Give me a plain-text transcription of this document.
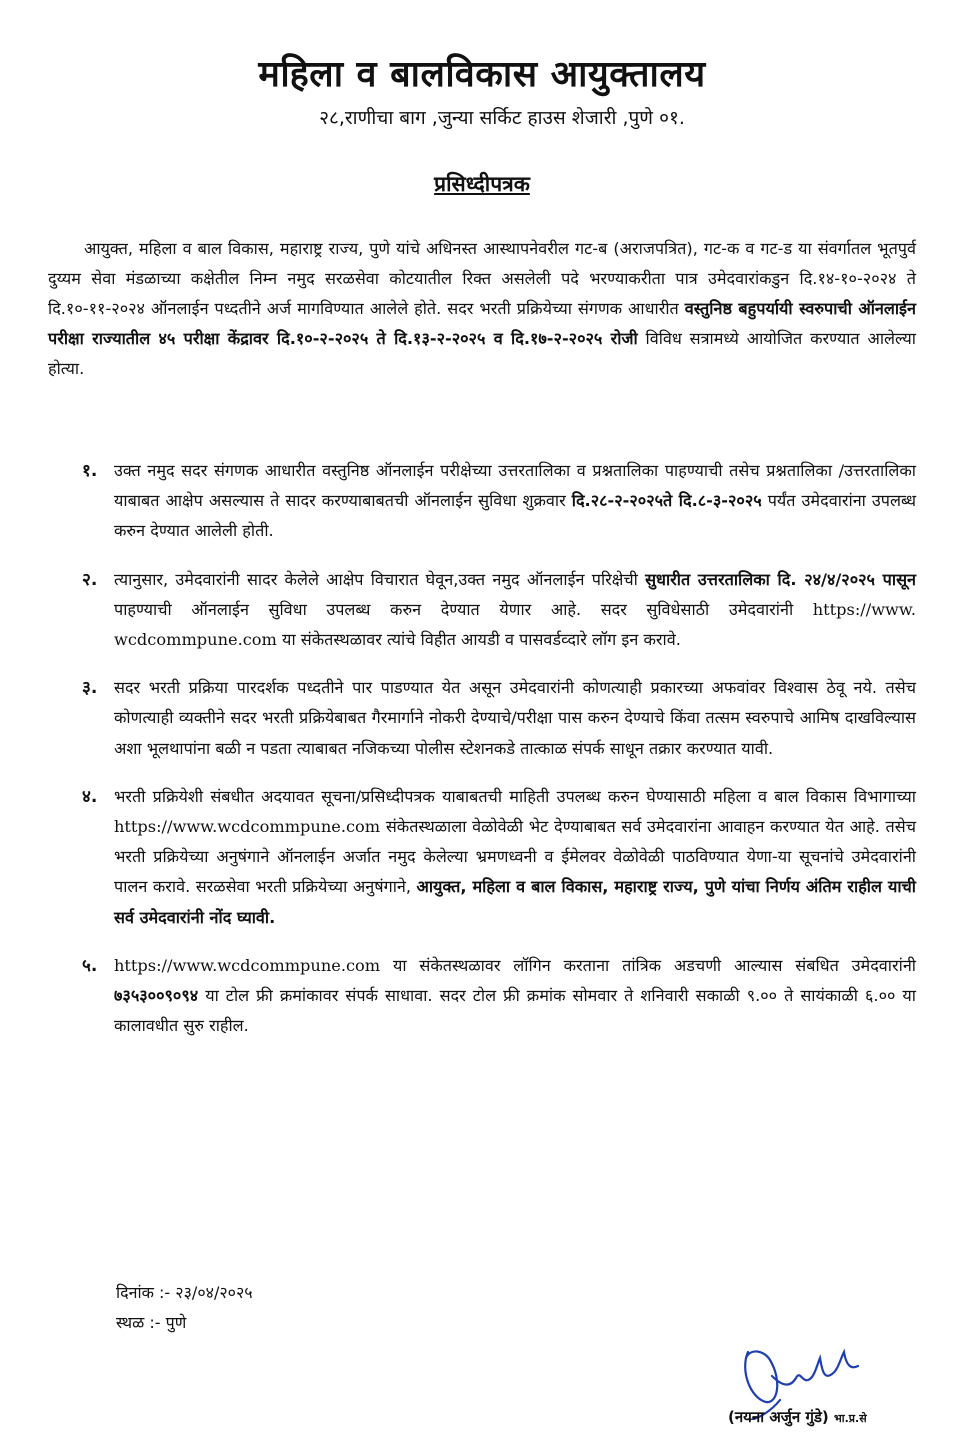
महिला व बालविकास आयुक्तालय
२८,राणीचा बाग ,जुन्या सर्किट हाउस शेजारी ,पुणे ०१.
प्रसिध्दीपत्रक
आयुक्त, महिला व बाल विकास, महाराष्ट्र राज्य, पुणे यांचे अधिनस्त आस्थापनेवरील गट-ब (अराजपत्रित), गट-क व गट-ड या संवर्गातल भूतपुर्व दुय्यम सेवा मंडळाच्या कक्षेतील निम्न नमुद सरळसेवा कोटयातील रिक्त असलेली पदे भरण्याकरीता पात्र उमेदवारांकडुन दि.१४-१०-२०२४ ते दि.१०-११-२०२४ ऑनलाईन पध्दतीने अर्ज मागविण्यात आलेले होते. सदर भरती प्रक्रियेच्या संगणक आधारीत वस्तुनिष्ठ बहुपर्यायी स्वरुपाची ऑनलाईन परीक्षा राज्यातील ४५ परीक्षा केंद्रावर दि.१०-२-२०२५ ते दि.१३-२-२०२५ व दि.१७-२-२०२५ रोजी विविध सत्रामध्ये आयोजित करण्यात आलेल्या होत्या.
१.	उक्त नमुद सदर संगणक आधारीत वस्तुनिष्ठ ऑनलाईन परीक्षेच्या उत्तरतालिका व प्रश्नतालिका पाहण्याची तसेच प्रश्नतालिका /उत्तरतालिका याबाबत आक्षेप असल्यास ते सादर करण्याबाबतची ऑनलाईन सुविधा शुक्रवार दि.२८-२-२०२५ते दि.८-३-२०२५ पर्यंत उमेदवारांना उपलब्ध करुन देण्यात आलेली होती.
२.	त्यानुसार, उमेदवारांनी सादर केलेले आक्षेप विचारात घेवून,उक्त नमुद ऑनलाईन परिक्षेची सुधारीत उत्तरतालिका दि. २४/४/२०२५ पासून पाहण्याची ऑनलाईन सुविधा उपलब्ध करुन देण्यात येणार आहे. सदर सुविधेसाठी उमेदवारांनी https://www. wcdcommpune.com या संकेतस्थळावर त्यांचे विहीत आयडी व पासवर्डव्दारे लॉग इन करावे.
३.	सदर भरती प्रक्रिया पारदर्शक पध्दतीने पार पाडण्यात येत असून उमेदवारांनी कोणत्याही प्रकारच्या अफवांवर विश्वास ठेवू नये. तसेच कोणत्याही व्यक्तीने सदर भरती प्रक्रियेबाबत गैरमार्गाने नोकरी देण्याचे/परीक्षा पास करुन देण्याचे किंवा तत्सम स्वरुपाचे आमिष दाखविल्यास अशा भूलथापांना बळी न पडता त्याबाबत नजिकच्या पोलीस स्टेशनकडे तात्काळ संपर्क साधून तक्रार करण्यात यावी.
४.	भरती प्रक्रियेशी संबधीत अदयावत सूचना/प्रसिध्दीपत्रक याबाबतची माहिती उपलब्ध करुन घेण्यासाठी महिला व बाल विकास विभागाच्या https://www.wcdcommpune.com संकेतस्थळाला वेळोवेळी भेट देण्याबाबत सर्व उमेदवारांना आवाहन करण्यात येत आहे. तसेच भरती प्रक्रियेच्या अनुषंगाने ऑनलाईन अर्जात नमुद केलेल्या भ्रमणध्वनी व ईमेलवर वेळोवेळी पाठविण्यात येणा-या सूचनांचे उमेदवारांनी पालन करावे. सरळसेवा भरती प्रक्रियेच्या अनुषंगाने, आयुक्त, महिला व बाल विकास, महाराष्ट्र राज्य, पुणे यांचा निर्णय अंतिम राहील याची सर्व उमेदवारांनी नोंद घ्यावी.
५.	https://www.wcdcommpune.com या संकेतस्थळावर लॉगिन करताना तांत्रिक अडचणी आल्यास संबधित उमेदवारांनी ७३५३००९०९४ या टोल फ्री क्रमांकावर संपर्क साधावा. सदर टोल फ्री क्रमांक सोमवार ते शनिवारी सकाळी ९.०० ते सायंकाळी ६.०० या कालावधीत सुरु राहील.
दिनांक :- २३/०४/२०२५
स्थळ :- पुणे
(नयना अर्जुन गुंडे) भा.प्र.से
